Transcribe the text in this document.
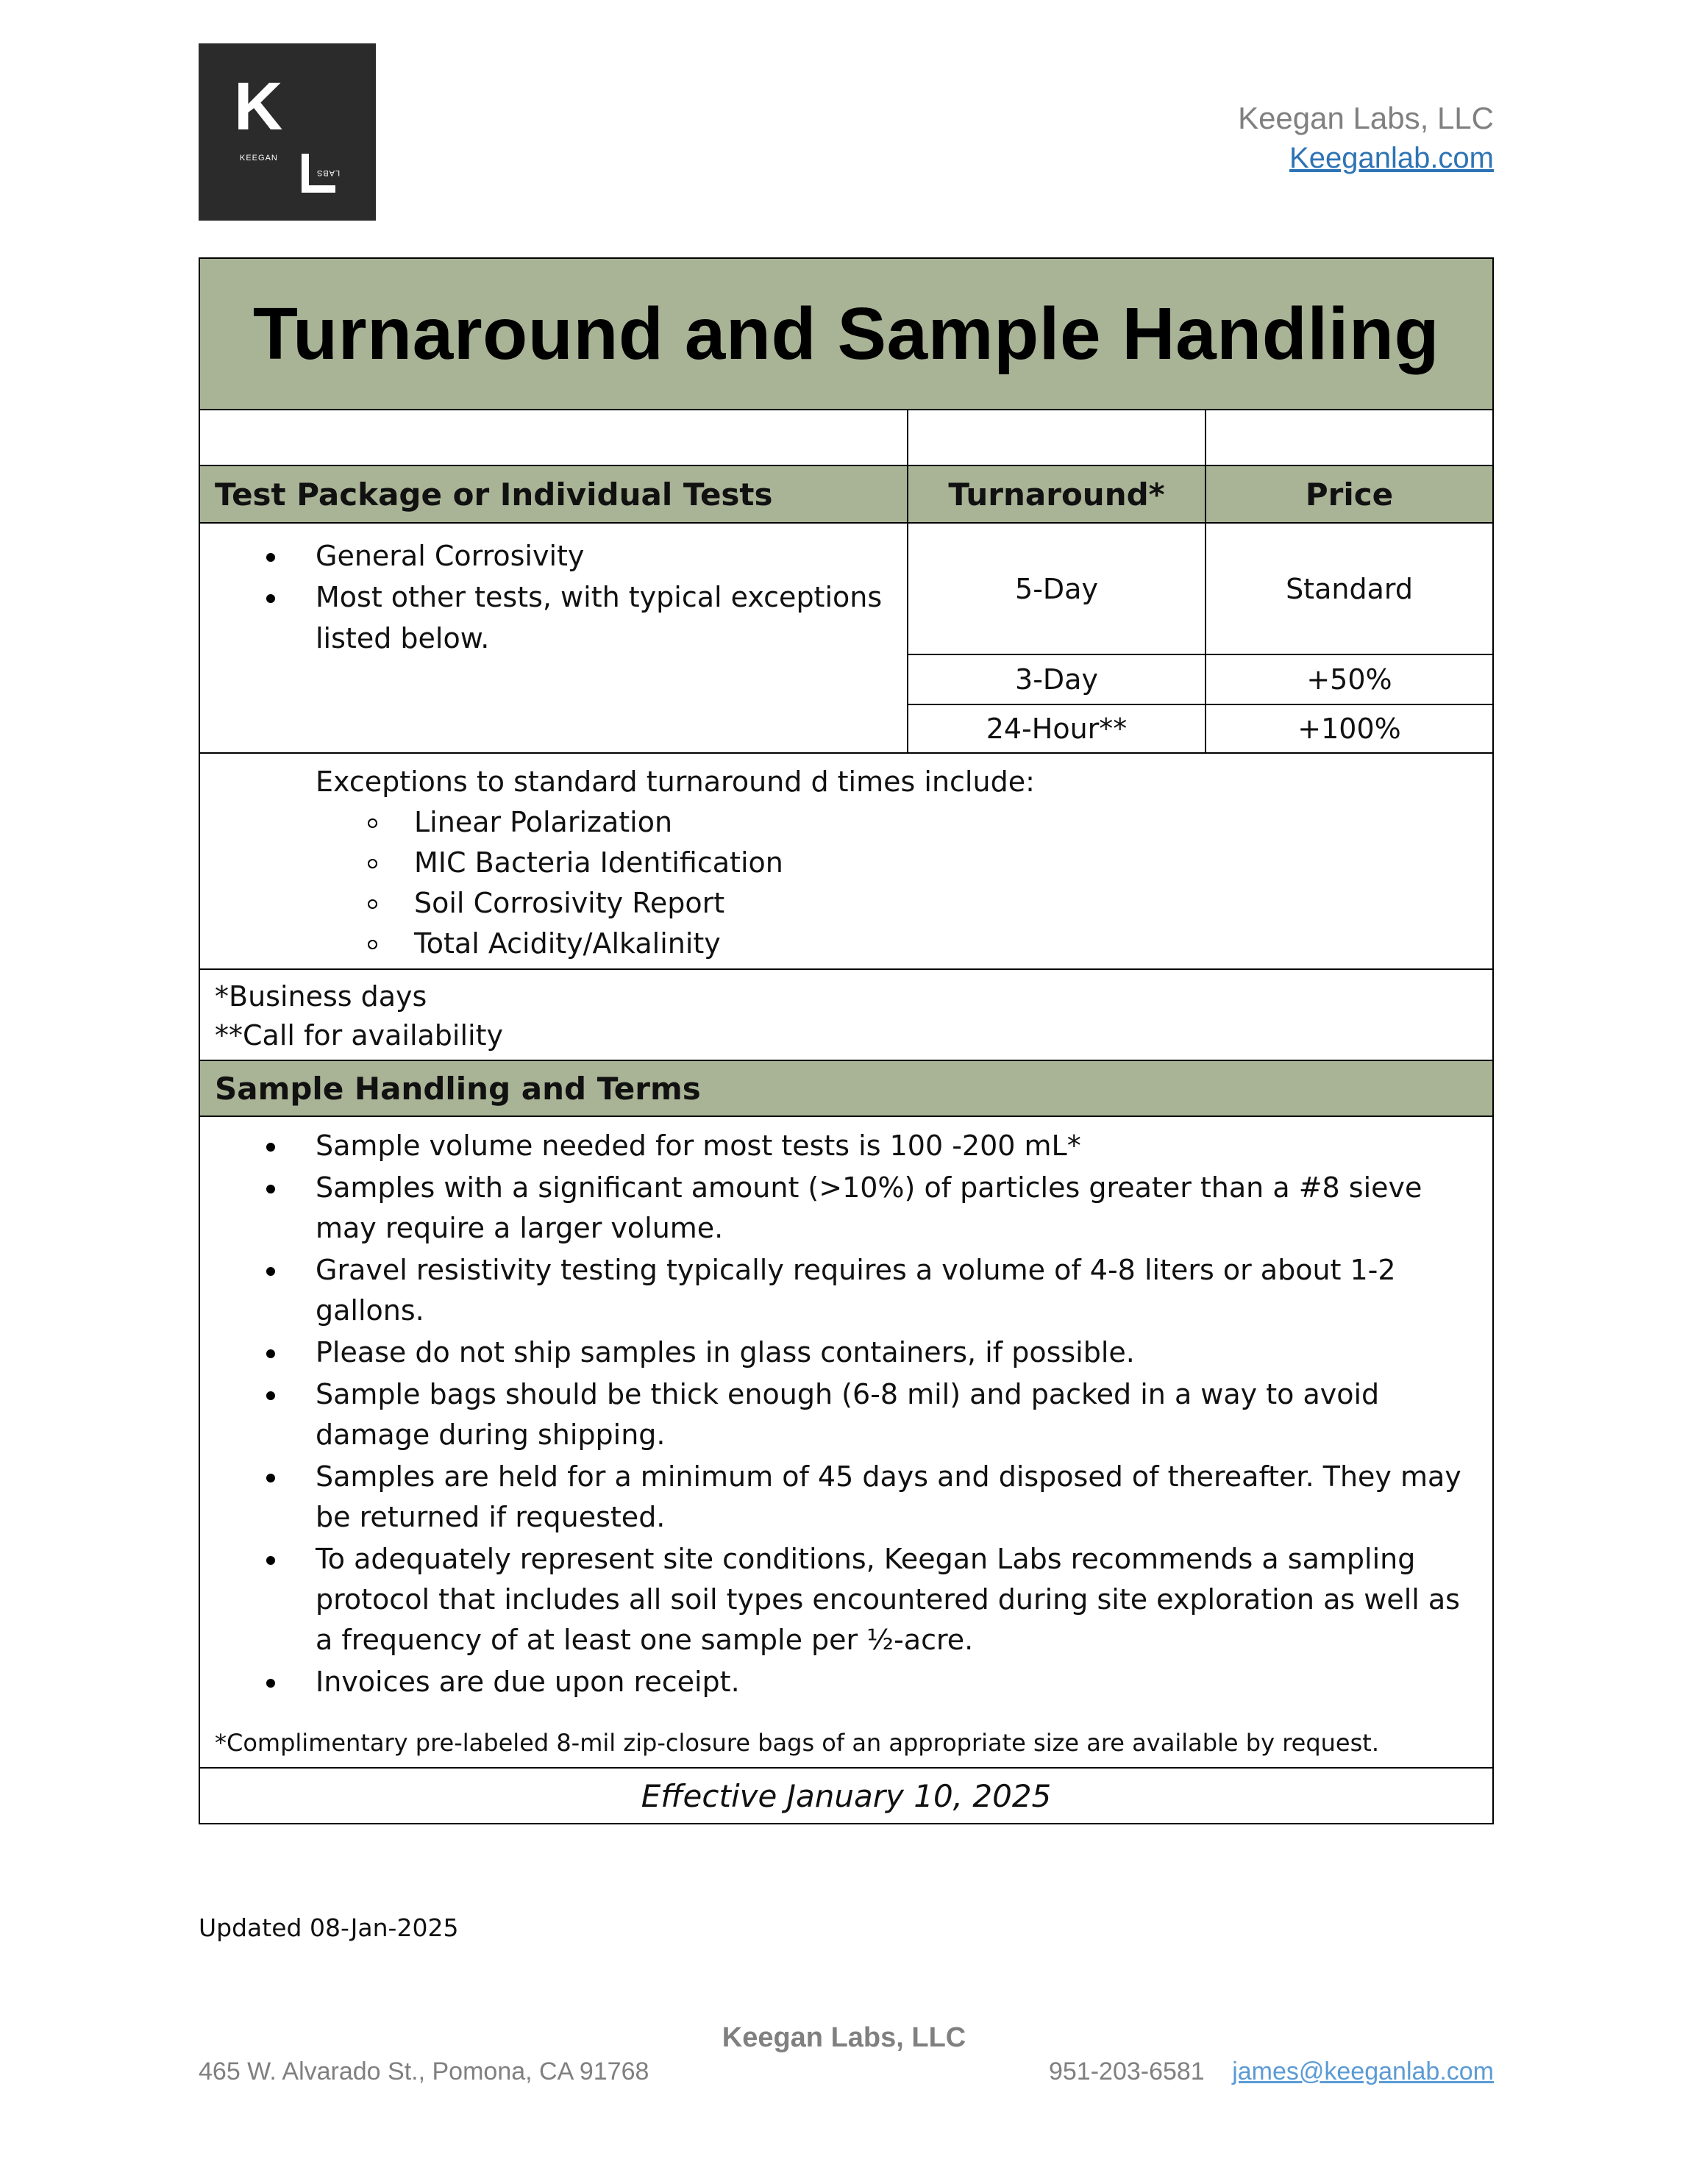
K
KEEGAN
LABS
Keegan Labs, LLC
Keeganlab.com
Turnaround and Sample Handling
Test Package or Individual Tests	Turnaround*	Price
General Corrosivity
Most other tests, with typical exceptions listed below.
5-Day	Standard
3-Day	+50%
24-Hour**	+100%
Exceptions to standard turnaround d times include:
Linear Polarization
MIC Bacteria Identification
Soil Corrosivity Report
Total Acidity/Alkalinity
*Business days
**Call for availability
Sample Handling and Terms
Sample volume needed for most tests is 100 -200 mL*
Samples with a significant amount (>10%) of particles greater than a #8 sieve may require a larger volume.
Gravel resistivity testing typically requires a volume of 4-8 liters or about 1-2 gallons.
Please do not ship samples in glass containers, if possible.
Sample bags should be thick enough (6-8 mil) and packed in a way to avoid damage during shipping.
Samples are held for a minimum of 45 days and disposed of thereafter. They may be returned if requested.
To adequately represent site conditions, Keegan Labs recommends a sampling protocol that includes all soil types encountered during site exploration as well as a frequency of at least one sample per ½-acre.
Invoices are due upon receipt.
*Complimentary pre-labeled 8-mil zip-closure bags of an appropriate size are available by request.
Effective January 10, 2025
Updated 08-Jan-2025
Keegan Labs, LLC
465 W. Alvarado St., Pomona, CA 91768	951-203-6581 james@keeganlab.com
